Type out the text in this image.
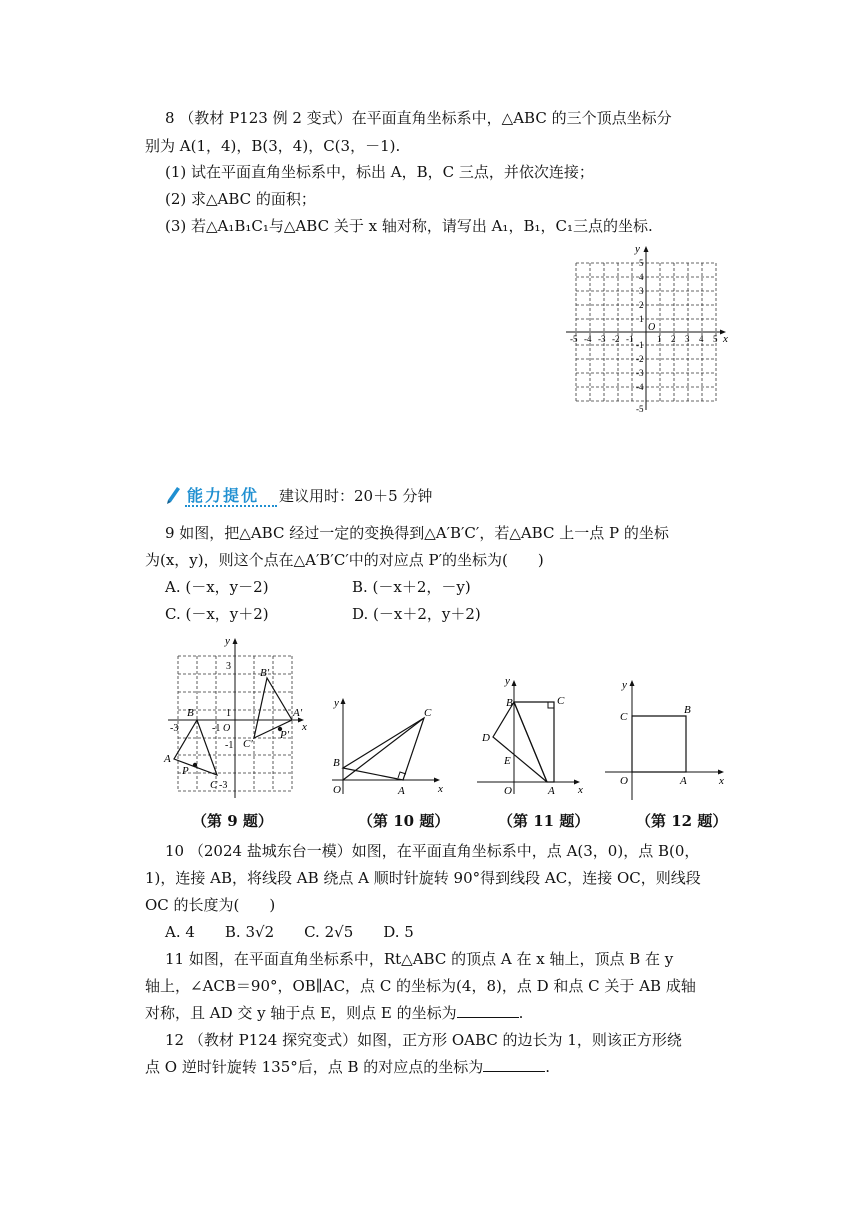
8 （教材 P123 例 2 变式）在平面直角坐标系中，△ABC 的三个顶点坐标分
别为 A(1，4)，B(3，4)，C(3，－1).
(1) 试在平面直角坐标系中，标出 A，B，C 三点，并依次连接；
(2) 求△ABC 的面积；
(3) 若△A₁B₁C₁与△ABC 关于 x 轴对称，请写出 A₁，B₁，C₁三点的坐标.
x
y
O
-5 -4 -3 -2 -1	1 2 3 4 5
5
4
3
2
1
-1
-2
-3
-4
-5
能力提优 建议用时：20＋5 分钟
9 如图，把△ABC 经过一定的变换得到△A′B′C′，若△ABC 上一点 P 的坐标
为(x，y)，则这个点在△A′B′C′中的对应点 P′的坐标为(　　)
A. (－x，y－2)	B. (－x＋2，－y)
C. (－x，y＋2)	D. (－x＋2，y＋2)
x
y
3
1
-3	-1 O
-1
-3
B
A
C
P
B′
A′
C′
P′
（第 9 题）
x
y
O	A
B
C
（第 10 题）
x
y
O	A
B	C
D
E
（第 11 题）
x
y
O	A
B
C
（第 12 题）
10 （2024 盐城东台一模）如图，在平面直角坐标系中，点 A(3，0)，点 B(0，
1)，连接 AB，将线段 AB 绕点 A 顺时针旋转 90°得到线段 AC，连接 OC，则线段
OC 的长度为(　　)
A. 4　　B. 3√2　　C. 2√5　　D. 5
11 如图，在平面直角坐标系中，Rt△ABC 的顶点 A 在 x 轴上，顶点 B 在 y
轴上，∠ACB＝90°，OB∥AC，点 C 的坐标为(4，8)，点 D 和点 C 关于 AB 成轴
对称，且 AD 交 y 轴于点 E，则点 E 的坐标为	.
12 （教材 P124 探究变式）如图，正方形 OABC 的边长为 1，则该正方形绕
点 O 逆时针旋转 135°后，点 B 的对应点的坐标为	.
